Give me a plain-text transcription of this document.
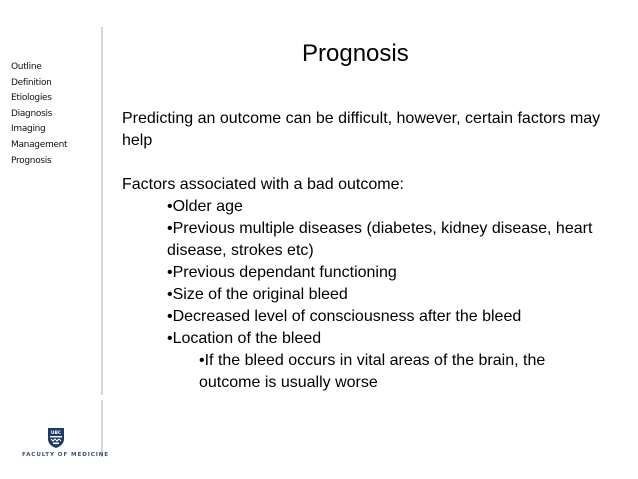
Outline
Definition
Etiologies
Diagnosis
Imaging
Management
Prognosis
UBC
FACULTY OF MEDICINE
Prognosis

Predicting an outcome can be difficult, however, certain factors may help

Factors associated with a bad outcome:

•Older age
•Previous multiple diseases (diabetes, kidney disease, heart disease, strokes etc)
•Previous dependant functioning
•Size of the original bleed
•Decreased level of consciousness after the bleed
•Location of the bleed
•If the bleed occurs in vital areas of the brain, the outcome is usually worse
